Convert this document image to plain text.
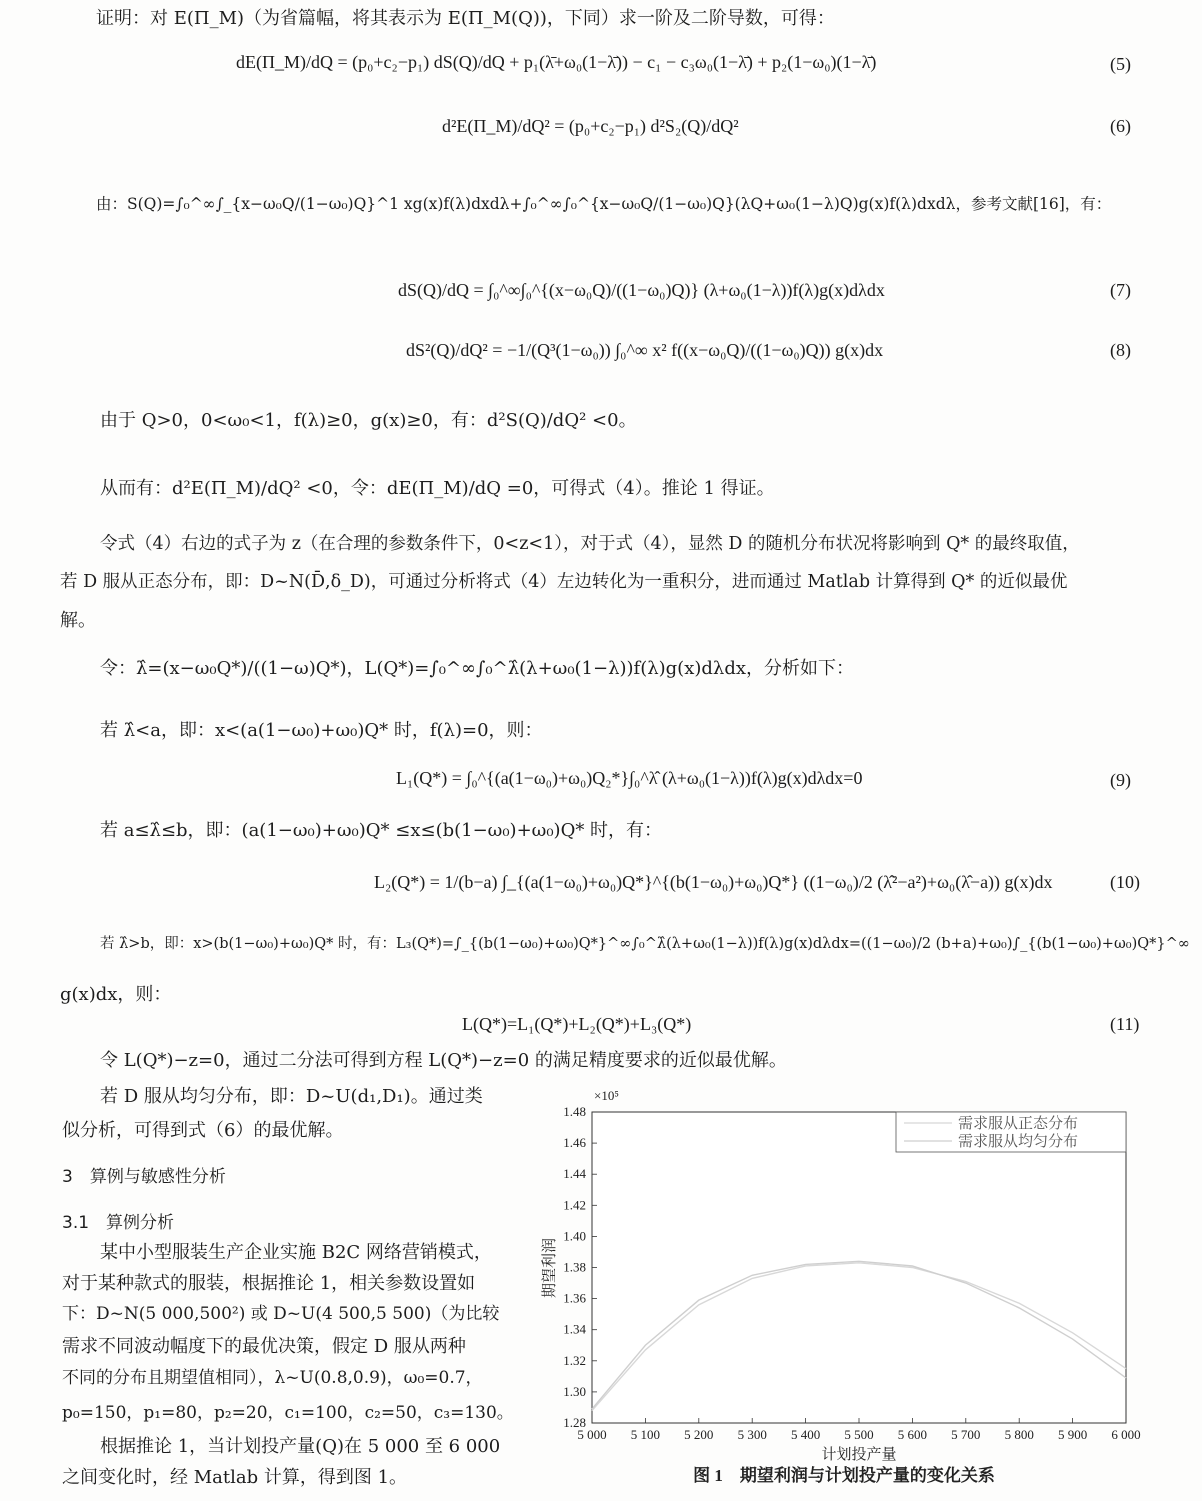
证明：对 E(Π_M)（为省篇幅，将其表示为 E(Π_M(Q))，下同）求一阶及二阶导数，可得：
dE(Π_M)/dQ = (p₀+c₂−p₁) dS(Q)/dQ + p₁(λ̄+ω₀(1−λ̄)) − c₁ − c₃ω₀(1−λ̄) + p₂(1−ω₀)(1−λ̄)	(5)
d²E(Π_M)/dQ² = (p₀+c₂−p₁) d²S₂(Q)/dQ²	(6)
由：S(Q)=∫₀^∞∫_{x−ω₀Q/(1−ω₀)Q}^1 xg(x)f(λ)dxdλ+∫₀^∞∫₀^{x−ω₀Q/(1−ω₀)Q}(λQ+ω₀(1−λ)Q)g(x)f(λ)dxdλ，参考文献[16]，有：
dS(Q)/dQ = ∫₀^∞∫₀^{(x−ω₀Q)/((1−ω₀)Q)} (λ+ω₀(1−λ))f(λ)g(x)dλdx	(7)
dS²(Q)/dQ² = −1/(Q³(1−ω₀)) ∫₀^∞ x² f((x−ω₀Q)/((1−ω₀)Q)) g(x)dx	(8)
由于 Q>0，0<ω₀<1，f(λ)≥0，g(x)≥0，有：d²S(Q)/dQ² <0。
从而有：d²E(Π_M)/dQ² <0，令：dE(Π_M)/dQ =0，可得式（4）。推论 1 得证。
令式（4）右边的式子为 z（在合理的参数条件下，0<z<1），对于式（4），显然 D 的随机分布状况将影响到 Q* 的最终取值，
若 D 服从正态分布，即：D~N(D̄,δ_D)，可通过分析将式（4）左边转化为一重积分，进而通过 Matlab 计算得到 Q* 的近似最优
解。
令：λ̂=(x−ω₀Q*)/((1−ω)Q*)，L(Q*)=∫₀^∞∫₀^λ̂(λ+ω₀(1−λ))f(λ)g(x)dλdx，分析如下：
若 λ̂<a，即：x<(a(1−ω₀)+ω₀)Q* 时，f(λ)=0，则：
L₁(Q*) = ∫₀^{(a(1−ω₀)+ω₀)Q₂*}∫₀^λ̂ (λ+ω₀(1−λ))f(λ)g(x)dλdx=0	(9)
若 a≤λ̂≤b，即：(a(1−ω₀)+ω₀)Q* ≤x≤(b(1−ω₀)+ω₀)Q* 时，有：
L₂(Q*) = 1/(b−a) ∫_{(a(1−ω₀)+ω₀)Q*}^{(b(1−ω₀)+ω₀)Q*} ((1−ω₀)/2 (λ̂²−a²)+ω₀(λ̂−a)) g(x)dx	(10)
若 λ̂>b，即：x>(b(1−ω₀)+ω₀)Q* 时，有：L₃(Q*)=∫_{(b(1−ω₀)+ω₀)Q*}^∞∫₀^λ̂(λ+ω₀(1−λ))f(λ)g(x)dλdx=((1−ω₀)/2 (b+a)+ω₀)∫_{(b(1−ω₀)+ω₀)Q*}^∞
g(x)dx，则：
L(Q*)=L₁(Q*)+L₂(Q*)+L₃(Q*)	(11)
令 L(Q*)−z=0，通过二分法可得到方程 L(Q*)−z=0 的满足精度要求的近似最优解。
若 D 服从均匀分布，即：D~U(d₁,D₁)。通过类
似分析，可得到式（6）的最优解。
3　算例与敏感性分析
3.1　算例分析
某中小型服装生产企业实施 B2C 网络营销模式，
对于某种款式的服装，根据推论 1，相关参数设置如
下：D~N(5 000,500²) 或 D~U(4 500,5 500)（为比较
需求不同波动幅度下的最优决策，假定 D 服从两种
不同的分布且期望值相同），λ~U(0.8,0.9)，ω₀=0.7，
p₀=150，p₁=80，p₂=20，c₁=100，c₂=50，c₃=130。
根据推论 1，当计划投产量(Q)在 5 000 至 6 000
之间变化时，经 Matlab 计算，得到图 1。
×10⁵
1.28
1.30
1.32
1.34
1.36
1.38
1.40
1.42
1.44
1.46
1.48
5 000 5 100 5 200 5 300 5 400 5 500 5 600 5 700 5 800 5 900 6 000
需求服从正态分布
需求服从均匀分布
期望利润
计划投产量
图 1　期望利润与计划投产量的变化关系
